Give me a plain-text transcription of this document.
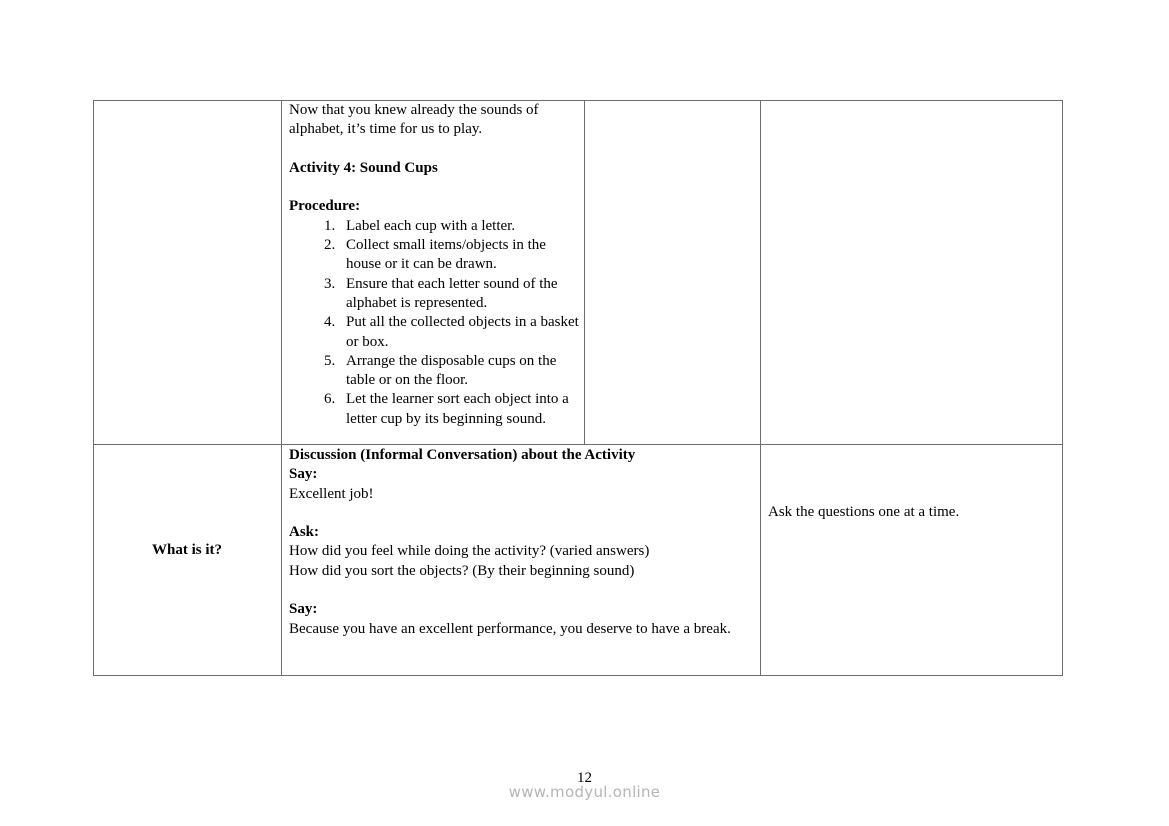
Now that you knew already the sounds of alphabet, it’s time for us to play.

Activity 4: Sound Cups

Procedure:

1. Label each cup with a letter.
2. Collect small items/objects in the house or it can be drawn.
3. Ensure that each letter sound of the alphabet is represented.
4. Put all the collected objects in a basket or box.
5. Arrange the disposable cups on the table or on the floor.
6. Let the learner sort each object into a letter cup by its beginning sound.
What is it?

Discussion (Informal Conversation) about the Activity

Say:

Excellent job!

Ask:

How did you feel while doing the activity? (varied answers)

How did you sort the objects? (By their beginning sound)

Say:

Because you have an excellent performance, you deserve to have a break.

Ask the questions one at a time.
12
www.modyul.online
